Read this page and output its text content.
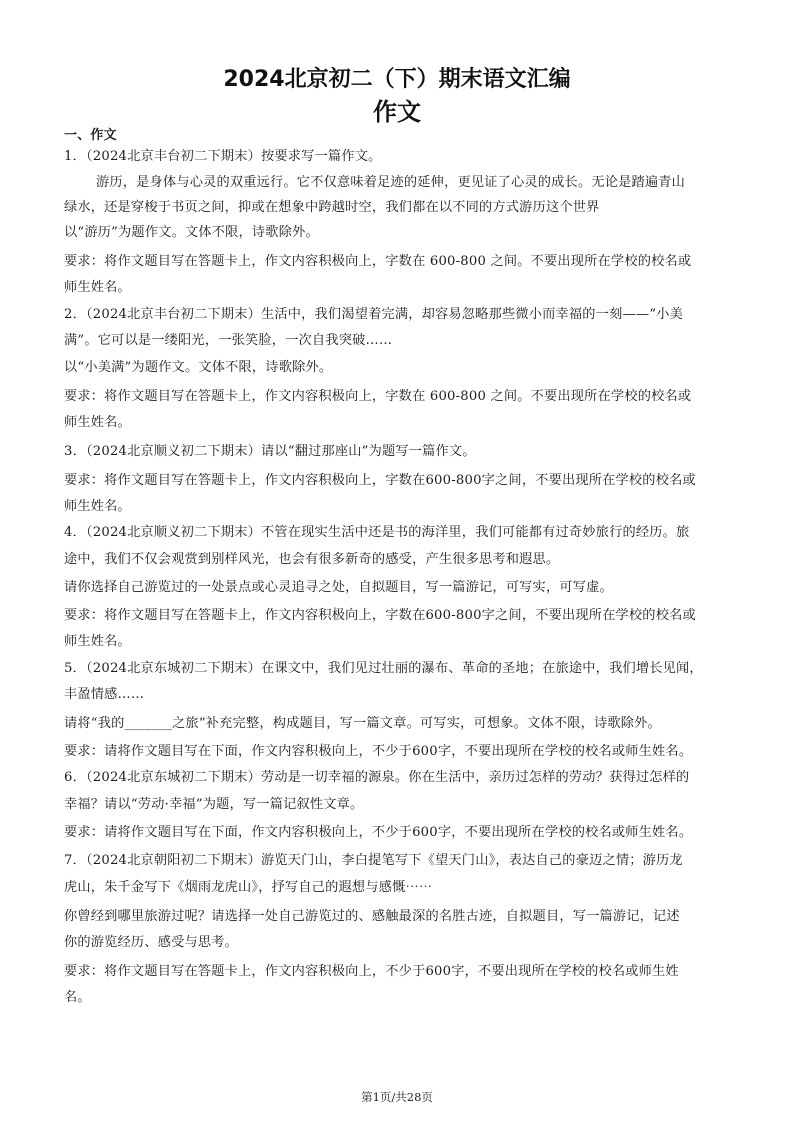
2024北京初二（下）期末语文汇编
作文
一、作文
1．（2024北京丰台初二下期末）按要求写一篇作文。
游历，是身体与心灵的双重远行。它不仅意味着足迹的延伸，更见证了心灵的成长。无论是踏遍青山
绿水，还是穿梭于书页之间，抑或在想象中跨越时空，我们都在以不同的方式游历这个世界
以“游历”为题作文。文体不限，诗歌除外。
要求：将作文题目写在答题卡上，作文内容积极向上，字数在 600-800 之间。不要出现所在学校的校名或
师生姓名。
2．（2024北京丰台初二下期末）生活中，我们渴望着完满，却容易忽略那些微小而幸福的一刻——“小美
满”。它可以是一缕阳光，一张笑脸，一次自我突破……
以“小美满”为题作文。文体不限，诗歌除外。
要求：将作文题目写在答题卡上，作文内容积极向上，字数在 600-800 之间。不要出现所在学校的校名或
师生姓名。
3．（2024北京顺义初二下期末）请以“翻过那座山”为题写一篇作文。
要求：将作文题目写在答题卡上，作文内容积极向上，字数在600-800字之间，不要出现所在学校的校名或
师生姓名。
4．（2024北京顺义初二下期末）不管在现实生活中还是书的海洋里，我们可能都有过奇妙旅行的经历。旅
途中，我们不仅会观赏到别样风光，也会有很多新奇的感受，产生很多思考和遐思。
请你选择自己游览过的一处景点或心灵追寻之处，自拟题目，写一篇游记，可写实，可写虚。
要求：将作文题目写在答题卡上，作文内容积极向上，字数在600-800字之间，不要出现所在学校的校名或
师生姓名。
5．（2024北京东城初二下期末）在课文中，我们见过壮丽的瀑布、革命的圣地；在旅途中，我们增长见闻，
丰盈情感……
请将“我的_______之旅”补充完整，构成题目，写一篇文章。可写实，可想象。文体不限，诗歌除外。
要求：请将作文题目写在下面，作文内容积极向上，不少于600字，不要出现所在学校的校名或师生姓名。
6．（2024北京东城初二下期末）劳动是一切幸福的源泉。你在生活中，亲历过怎样的劳动？获得过怎样的
幸福？请以“劳动·幸福”为题，写一篇记叙性文章。
要求：请将作文题目写在下面，作文内容积极向上，不少于600字，不要出现所在学校的校名或师生姓名。
7．（2024北京朝阳初二下期末）游览天门山，李白提笔写下《望天门山》，表达自己的豪迈之情；游历龙
虎山，朱千金写下《烟雨龙虎山》，抒写自己的遐想与感慨⋯⋯
你曾经到哪里旅游过呢？请选择一处自己游览过的、感触最深的名胜古迹，自拟题目，写一篇游记，记述
你的游览经历、感受与思考。
要求：将作文题目写在答题卡上，作文内容积极向上，不少于600字，不要出现所在学校的校名或师生姓
名。
第1页/共28页
